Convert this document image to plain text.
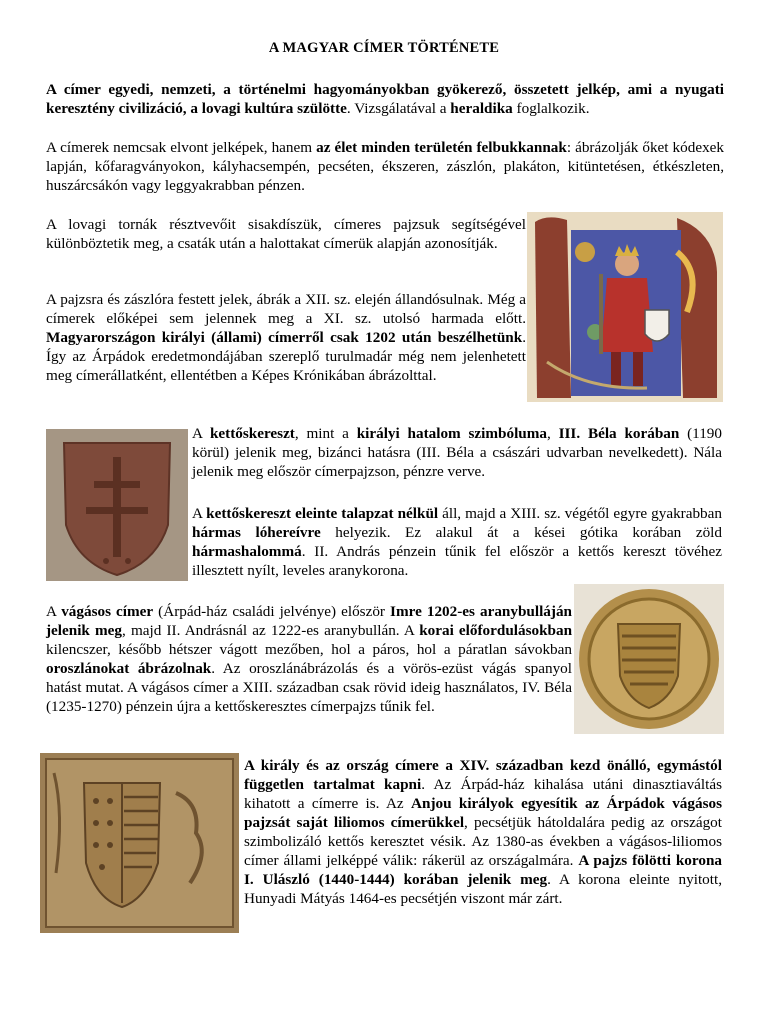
A MAGYAR CÍMER TÖRTÉNETE
A címer egyedi, nemzeti, a történelmi hagyományokban gyökerező, összetett jelkép, ami a nyugati keresztény civilizáció, a lovagi kultúra szülötte. Vizsgálatával a heraldika foglalkozik.
A címerek nemcsak elvont jelképek, hanem az élet minden területén felbukkannak: ábrázolják őket kódexek lapján, kőfaragványokon, kályhacsempén, pecséten, ékszeren, zászlón, plakáton, kitüntetésen, étkészleten, huszárcsákón vagy leggyakrabban pénzen.
A lovagi tornák résztvevőit sisakdíszük, címeres pajzsuk segítségével különböztetik meg, a csaták után a halottakat címerük alapján azonosítják.
A pajzsra és zászlóra festett jelek, ábrák a XII. sz. elején állandósulnak. Még a címerek előképei sem jelennek meg a XI. sz. utolsó harmada előtt. Magyarországon királyi (állami) címerről csak 1202 után beszélhetünk. Így az Árpádok eredetmondájában szereplő turulmadár még nem jelenhetett meg címerállatként, ellentétben a Képes Krónikában ábrázolttal.
A kettőskereszt, mint a királyi hatalom szimbóluma, III. Béla korában (1190 körül) jelenik meg, bizánci hatásra (III. Béla a császári udvarban nevelkedett). Nála jelenik meg először címerpajzson, pénzre verve.
A kettőskereszt eleinte talapzat nélkül áll, majd a XIII. sz. végétől egyre gyakrabban hármas lóhereívre helyezik. Ez alakul át a kései gótika korában zöld hármashalommá. II. András pénzein tűnik fel először a kettős kereszt tövéhez illesztett nyílt, leveles aranykorona.
A vágásos címer (Árpád-ház családi jelvénye) először Imre 1202-es aranybulláján jelenik meg, majd II. Andrásnál az 1222-es aranybullán. A korai előfordulásokban kilencszer, később hétszer vágott mezőben, hol a páros, hol a páratlan sávokban oroszlánokat ábrázolnak. Az oroszlánábrázolás és a vörös-ezüst vágás spanyol hatást mutat. A vágásos címer a XIII. században csak rövid ideig használatos, IV. Béla (1235-1270) pénzein újra a kettőskeresztes címerpajzs tűnik fel.
A király és az ország címere a XIV. században kezd önálló, egymástól független tartalmat kapni. Az Árpád-ház kihalása utáni dinasztiaváltás kihatott a címerre is. Az Anjou királyok egyesítik az Árpádok vágásos pajzsát saját liliomos címerükkel, pecsétjük hátoldalára pedig az országot szimbolizáló kettős keresztet vésik. Az 1380-as években a vágásos-liliomos címer állami jelképpé válik: rákerül az országalmára. A pajzs fölötti korona I. Ulászló (1440-1444) korában jelenik meg. A korona eleinte nyitott, Hunyadi Mátyás 1464-es pecsétjén viszont már zárt.
